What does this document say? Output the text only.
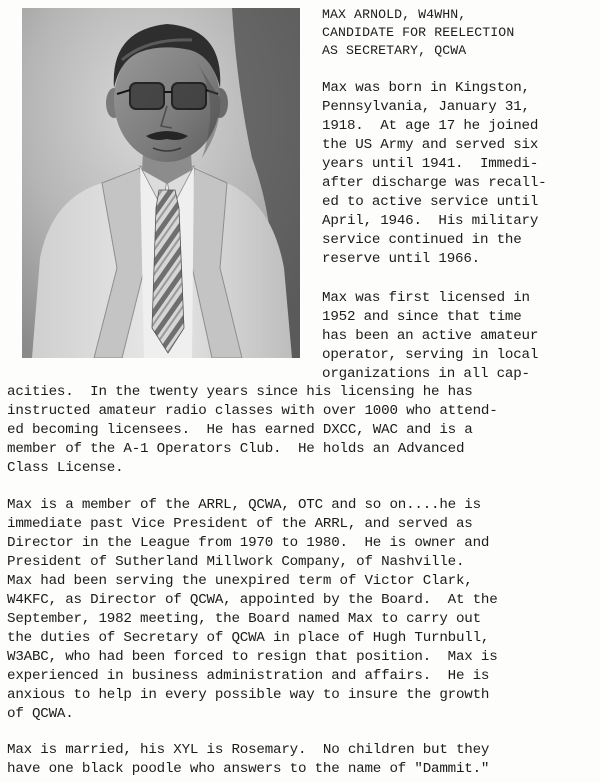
MAX ARNOLD, W4WHN,
CANDIDATE FOR REELECTION
AS SECRETARY, QCWA
Max was born in Kingston,
Pennsylvania, January 31,
1918.  At age 17 he joined
the US Army and served six
years until 1941.  Immedi-
after discharge was recall-
ed to active service until
April, 1946.  His military
service continued in the
reserve until 1966.
Max was first licensed in
1952 and since that time
has been an active amateur
operator, serving in local
organizations in all cap-
acities.  In the twenty years since his licensing he has
instructed amateur radio classes with over 1000 who attend-
ed becoming licensees.  He has earned DXCC, WAC and is a
member of the A-1 Operators Club.  He holds an Advanced
Class License.
Max is a member of the ARRL, QCWA, OTC and so on....he is
immediate past Vice President of the ARRL, and served as
Director in the League from 1970 to 1980.  He is owner and
President of Sutherland Millwork Company, of Nashville.
Max had been serving the unexpired term of Victor Clark,
W4KFC, as Director of QCWA, appointed by the Board.  At the
September, 1982 meeting, the Board named Max to carry out
the duties of Secretary of QCWA in place of Hugh Turnbull,
W3ABC, who had been forced to resign that position.  Max is
experienced in business administration and affairs.  He is
anxious to help in every possible way to insure the growth
of QCWA.
Max is married, his XYL is Rosemary.  No children but they
have one black poodle who answers to the name of "Dammit."
